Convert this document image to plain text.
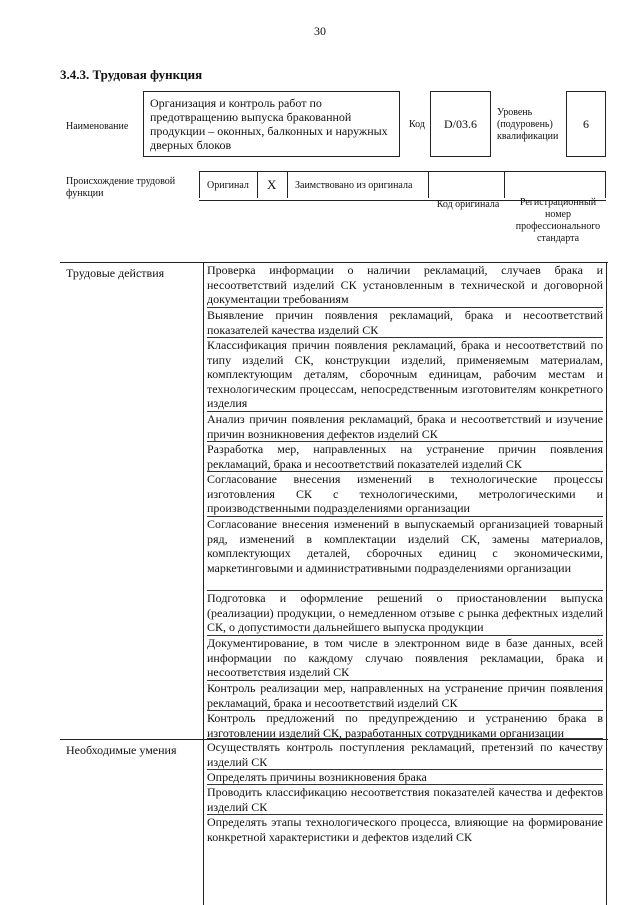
30
3.4.3. Трудовая функция
Наименование
Организация и контроль работ по предотвращению выпуска бракованной продукции – оконных, балконных и наружных дверных блоков
Код	D/03.6
Уровень (подуровень) квалификации
6
Происхождение трудовой функции
Оригинал X Заимствовано из оригинала
Код оригинала	Регистрационный номер профессионального стандарта
Трудовые действия
Необходимые умения
Проверка информации о наличии рекламаций, случаев брака и несоответствий изделий СК установленным в технической и договорной документации требованиям
Выявление причин появления рекламаций, брака и несоответствий показателей качества изделий СК
Классификация причин появления рекламаций, брака и несоответствий по типу изделий СК, конструкции изделий, применяемым материалам, комплектующим деталям, сборочным единицам, рабочим местам и технологическим процессам, непосредственным изготовителям конкретного изделия
Анализ причин появления рекламаций, брака и несоответствий и изучение причин возникновения дефектов изделий СК
Разработка мер, направленных на устранение причин появления рекламаций, брака и несоответствий показателей изделий СК
Согласование внесения изменений в технологические процессы изготовления СК с технологическими, метрологическими и производственными подразделениями организации
Согласование внесения изменений в выпускаемый организацией товарный ряд, изменений в комплектации изделий СК, замены материалов, комплектующих деталей, сборочных единиц с экономическими, маркетинговыми и административными подразделениями организации
Подготовка и оформление решений о приостановлении выпуска (реализации) продукции, о немедленном отзыве с рынка дефектных изделий СК, о допустимости дальнейшего выпуска продукции
Документирование, в том числе в электронном виде в базе данных, всей информации по каждому случаю появления рекламации, брака и несоответствия изделий СК
Контроль реализации мер, направленных на устранение причин появления рекламаций, брака и несоответствий изделий СК
Контроль предложений по предупреждению и устранению брака в изготовлении изделий СК, разработанных сотрудниками организации
Осуществлять контроль поступления рекламаций, претензий по качеству изделий СК
Определять причины возникновения брака
Проводить классификацию несоответствия показателей качества и дефектов изделий СК
Определять этапы технологического процесса, влияющие на формирование конкретной характеристики и дефектов изделий СК
